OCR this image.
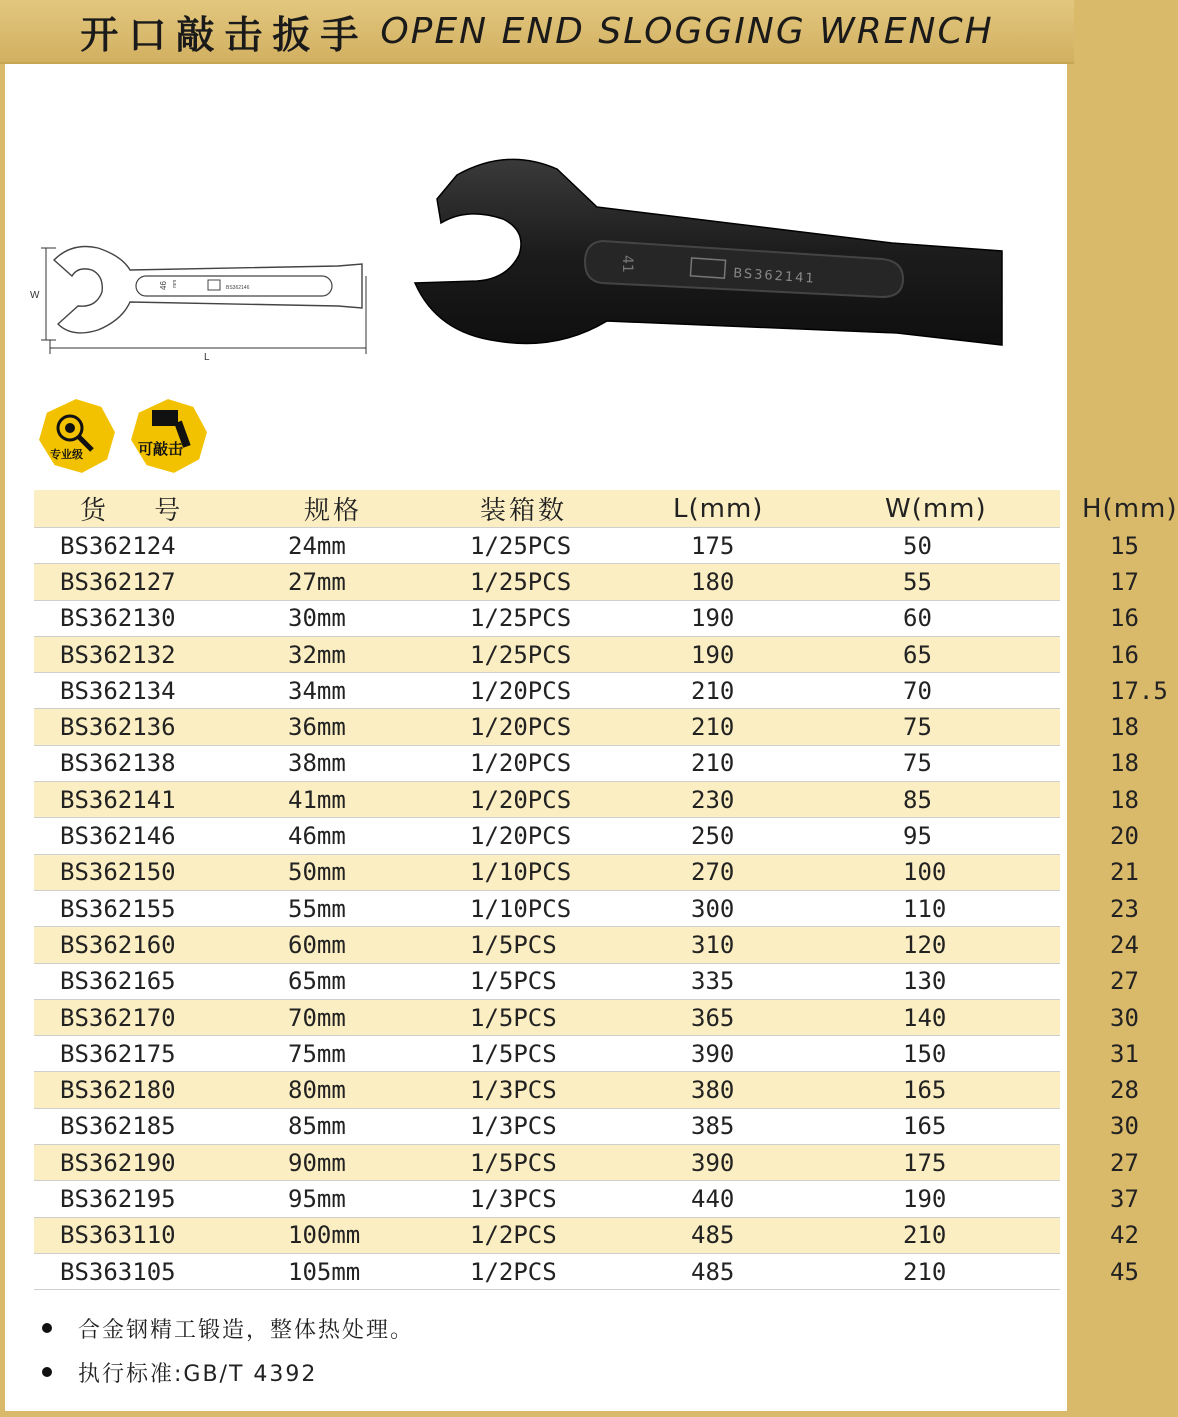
开口敲击扳手 OPEN END SLOGGING WRENCH
W
L
46 mm	BS362146
41
BS362141
专业级	可敲击
货 号	规格	装箱数	L(mm)	W(mm)	H(mm)
BS362124	24mm	1/25PCS	175	50	15
BS362127	27mm	1/25PCS	180	55	17
BS362130	30mm	1/25PCS	190	60	16
BS362132	32mm	1/25PCS	190	65	16
BS362134	34mm	1/20PCS	210	70	17.5
BS362136	36mm	1/20PCS	210	75	18
BS362138	38mm	1/20PCS	210	75	18
BS362141	41mm	1/20PCS	230	85	18
BS362146	46mm	1/20PCS	250	95	20
BS362150	50mm	1/10PCS	270	100	21
BS362155	55mm	1/10PCS	300	110	23
BS362160	60mm	1/5PCS	310	120	24
BS362165	65mm	1/5PCS	335	130	27
BS362170	70mm	1/5PCS	365	140	30
BS362175	75mm	1/5PCS	390	150	31
BS362180	80mm	1/3PCS	380	165	28
BS362185	85mm	1/3PCS	385	165	30
BS362190	90mm	1/5PCS	390	175	27
BS362195	95mm	1/3PCS	440	190	37
BS363110	100mm	1/2PCS	485	210	42
BS363105	105mm	1/2PCS	485	210	45
合金钢精工锻造，整体热处理。
执行标准:GB/T 4392
